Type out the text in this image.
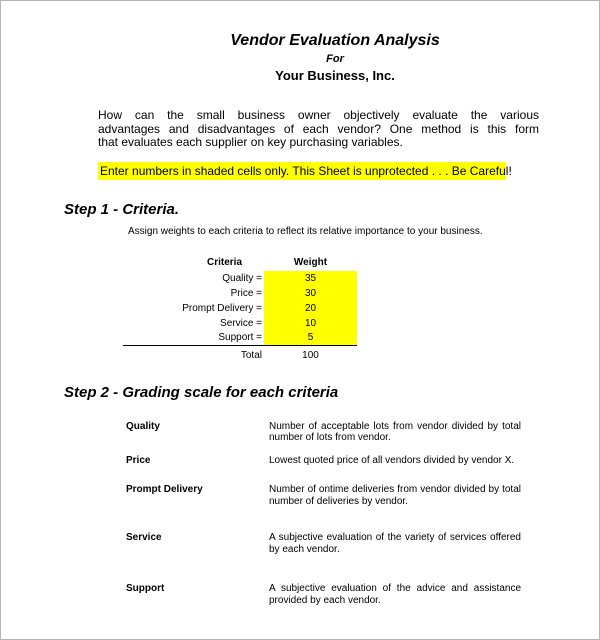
Vendor Evaluation Analysis
For
Your Business, Inc.
How can the small business owner objectively evaluate the various
advantages and disadvantages of each vendor? One method is this form
that evaluates each supplier on key purchasing variables.
Enter numbers in shaded cells only. This Sheet is unprotected . . . Be Careful!
Step 1 - Criteria.
Assign weights to each criteria to reflect its relative importance to your business.
Criteria	Weight
Quality =	35
Price =	30
Prompt Delivery =	20
Service =	10
Support =	5
Total	100
Step 2 - Grading scale for each criteria
Quality	Number of acceptable lots from vendor divided by total number of lots from vendor.
Price	Lowest quoted price of all vendors divided by vendor X.
Prompt Delivery	Number of ontime deliveries from vendor divided by total number of deliveries by vendor.
Service	A subjective evaluation of the variety of services offered by each vendor.
Support	A subjective evaluation of the advice and assistance provided by each vendor.
